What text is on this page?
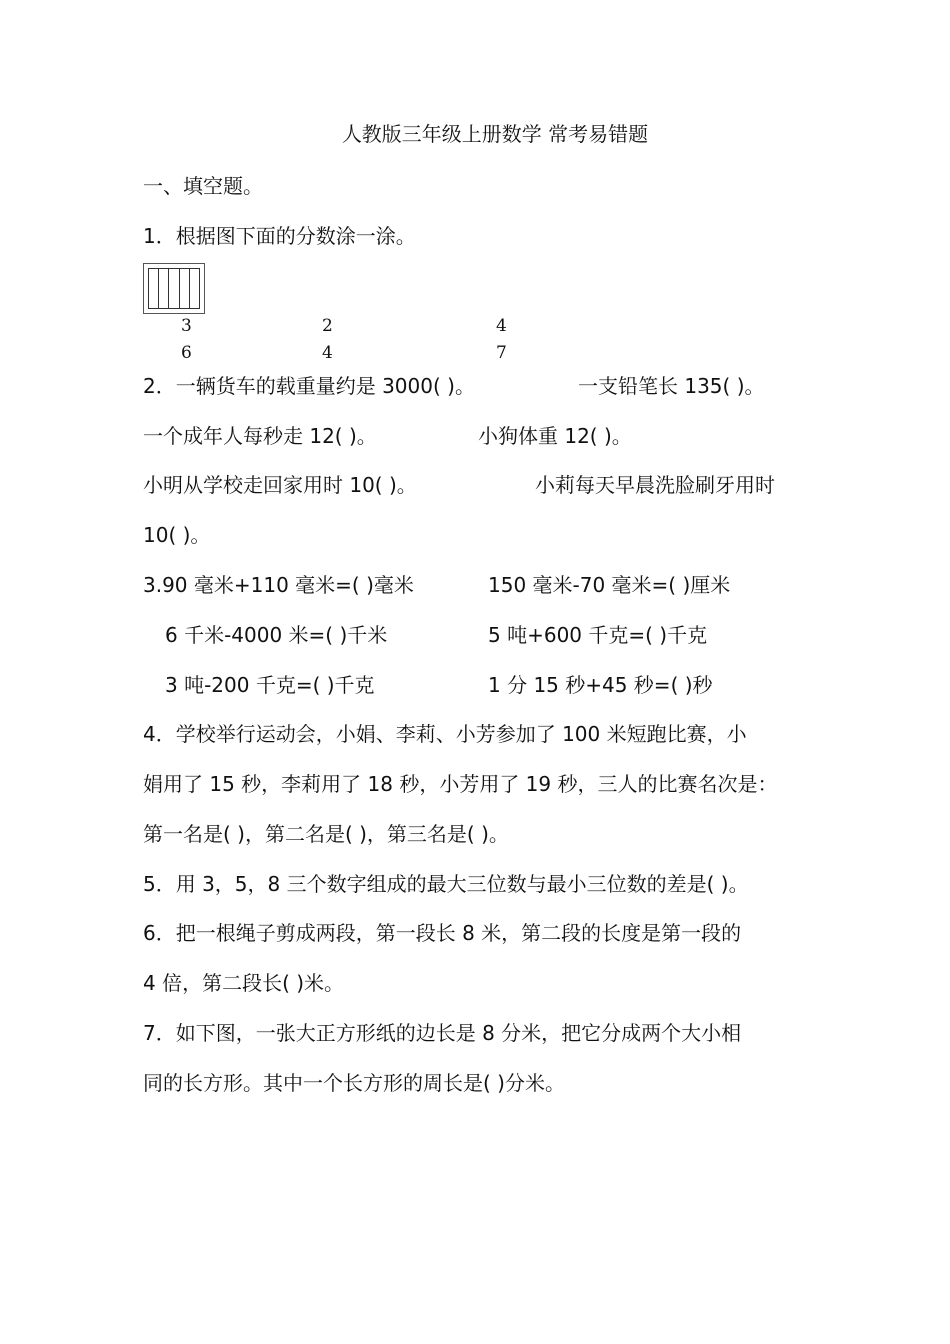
人教版三年级上册数学 常考易错题
一、填空题。
1．根据图下面的分数涂一涂。
3
6
2
4
4
7
2．一辆货车的载重量约是 3000( )。	一支铅笔长 135( )。
一个成年人每秒走 12( )。	小狗体重 12( )。
小明从学校走回家用时 10( )。	小莉每天早晨洗脸刷牙用时
10( )。
3.90 毫米+110 毫米=( )毫米	150 毫米-70 毫米=( )厘米
6 千米-4000 米=( )千米	5 吨+600 千克=( )千克
3 吨-200 千克=( )千克	1 分 15 秒+45 秒=( )秒
4．学校举行运动会，小娟、李莉、小芳参加了 100 米短跑比赛，小
娟用了 15 秒，李莉用了 18 秒，小芳用了 19 秒，三人的比赛名次是：
第一名是( )，第二名是( )，第三名是( )。
5．用 3，5，8 三个数字组成的最大三位数与最小三位数的差是( )。
6．把一根绳子剪成两段，第一段长 8 米，第二段的长度是第一段的
4 倍，第二段长( )米。
7．如下图，一张大正方形纸的边长是 8 分米，把它分成两个大小相
同的长方形。其中一个长方形的周长是( )分米。
